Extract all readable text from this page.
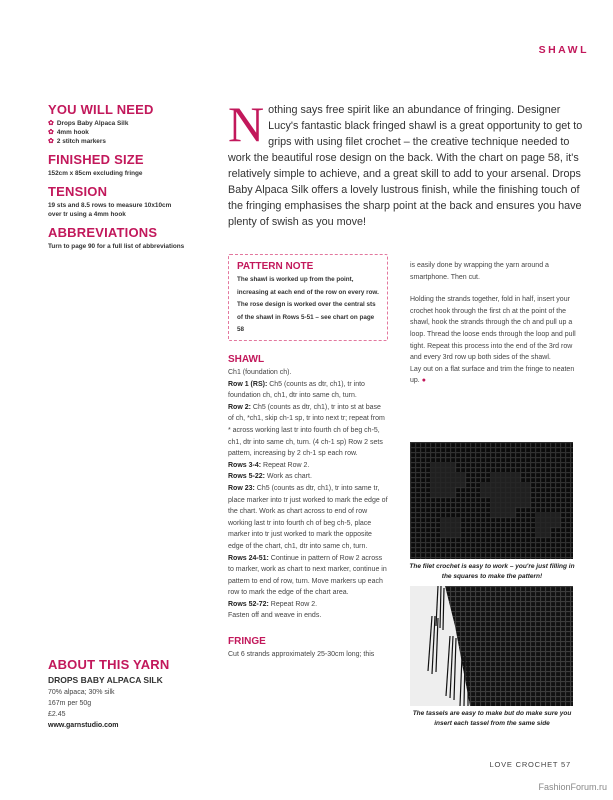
SHAWL

YOU WILL NEED

✿ Drops Baby Alpaca Silk

✿ 4mm hook

✿ 2 stitch markers

FINISHED SIZE

152cm x 85cm excluding fringe

TENSION

19 sts and 8.5 rows to measure 10x10cm

over tr using a 4mm hook

ABBREVIATIONS

Turn to page 90 for a full list of abbreviations

ABOUT THIS YARN

DROPS BABY ALPACA SILK

70% alpaca; 30% silk

167m per 50g

£2.45

www.garnstudio.com

Nothing says free spirit like an abundance of fringing. Designer Lucy's fantastic black fringed shawl is a great opportunity to get to grips with using filet crochet – the creative technique needed to work the beautiful rose design on the back. With the chart on page 58, it's relatively simple to achieve, and a great skill to add to your arsenal. Drops Baby Alpaca Silk offers a lovely lustrous finish, while the finishing touch of the fringing emphasises the sharp point at the back and ensures you have plenty of swish as you move!

PATTERN NOTE

The shawl is worked up from the point, increasing at each end of the row on every row. The rose design is worked over the central sts of the shawl in Rows 5-51 – see chart on page 58

SHAWL
Ch1 (foundation ch).
Row 1 (RS): Ch5 (counts as dtr, ch1), tr into foundation ch, ch1, dtr into same ch, turn.
Row 2: Ch5 (counts as dtr, ch1), tr into st at base of ch, *ch1, skip ch-1 sp, tr into next tr; repeat from * across working last tr into fourth ch of beg ch-5, ch1, dtr into same ch, turn. (4 ch-1 sp) Row 2 sets pattern, increasing by 2 ch-1 sp each row.
Rows 3-4: Repeat Row 2.
Rows 5-22: Work as chart.
Row 23: Ch5 (counts as dtr, ch1), tr into same tr, place marker into tr just worked to mark the edge of the chart. Work as chart across to end of row working last tr into fourth ch of beg ch-5, place marker into tr just worked to mark the opposite edge of the chart, ch1, dtr into same ch, turn.
Rows 24-51: Continue in pattern of Row 2 across to marker, work as chart to next marker, continue in pattern to end of row, turn. Move markers up each row to mark the edge of the chart area.
Rows 52-72: Repeat Row 2.
Fasten off and weave in ends.
FRINGE
Cut 6 strands approximately 25-30cm long; this
is easily done by wrapping the yarn around a smartphone. Then cut.
Holding the strands together, fold in half, insert your crochet hook through the first ch at the point of the shawl, hook the strands through the ch and pull up a loop. Thread the loose ends through the loop and pull tight. Repeat this process into the end of the 3rd row and every 3rd row up both sides of the shawl.
Lay out on a flat surface and trim the fringe to neaten up. ●
The filet crochet is easy to work – you're just filling in the squares to make the pattern!
The tassels are easy to make but do make sure you insert each tassel from the same side
LOVE CROCHET 57
FashionForum.ru
